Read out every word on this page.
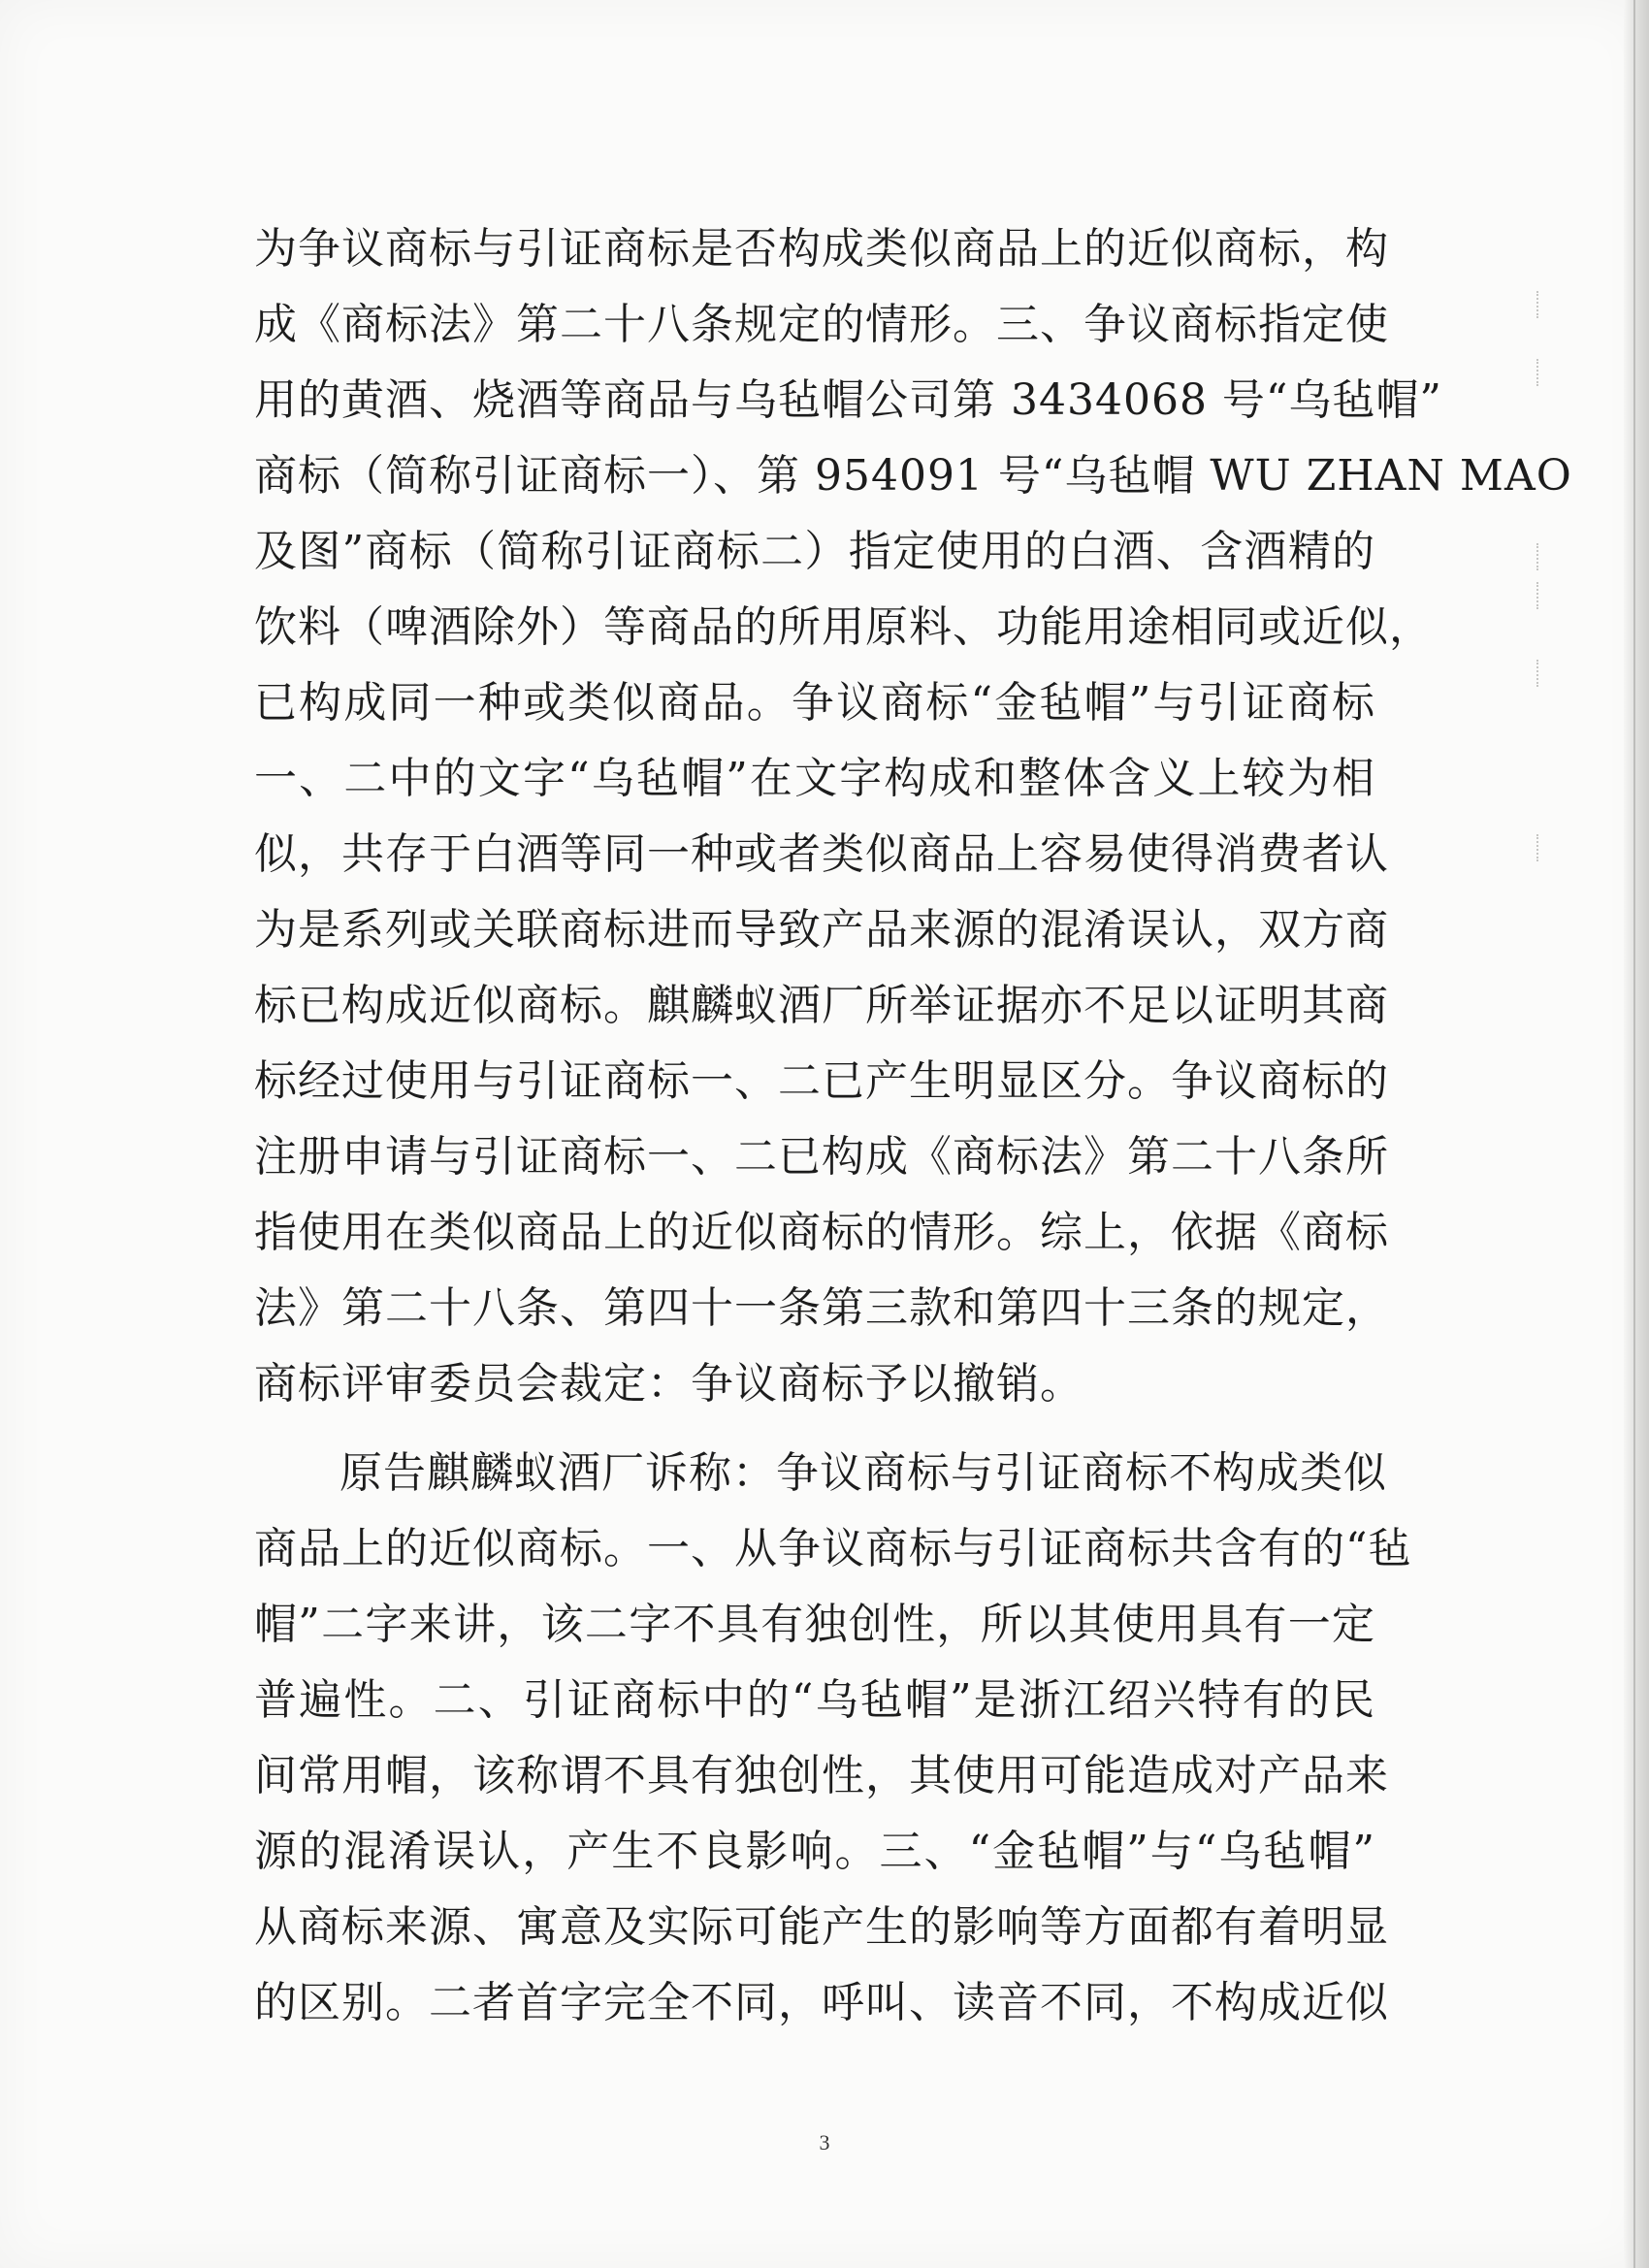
为争议商标与引证商标是否构成类似商品上的近似商标，构
成《商标法》第二十八条规定的情形。三、争议商标指定使
用的黄酒、烧酒等商品与乌毡帽公司第 3434068 号“乌毡帽”
商标（简称引证商标一）、第 954091 号“乌毡帽 WU ZHAN MAO
及图”商标（简称引证商标二）指定使用的白酒、含酒精的
饮料（啤酒除外）等商品的所用原料、功能用途相同或近似，
已构成同一种或类似商品。争议商标“金毡帽”与引证商标
一、二中的文字“乌毡帽”在文字构成和整体含义上较为相
似，共存于白酒等同一种或者类似商品上容易使得消费者认
为是系列或关联商标进而导致产品来源的混淆误认，双方商
标已构成近似商标。麒麟蚁酒厂所举证据亦不足以证明其商
标经过使用与引证商标一、二已产生明显区分。争议商标的
注册申请与引证商标一、二已构成《商标法》第二十八条所
指使用在类似商品上的近似商标的情形。综上，依据《商标
法》第二十八条、第四十一条第三款和第四十三条的规定，
商标评审委员会裁定：争议商标予以撤销。
原告麒麟蚁酒厂诉称：争议商标与引证商标不构成类似
商品上的近似商标。一、从争议商标与引证商标共含有的“毡
帽”二字来讲，该二字不具有独创性，所以其使用具有一定
普遍性。二、引证商标中的“乌毡帽”是浙江绍兴特有的民
间常用帽，该称谓不具有独创性，其使用可能造成对产品来
源的混淆误认，产生不良影响。三、“金毡帽”与“乌毡帽”
从商标来源、寓意及实际可能产生的影响等方面都有着明显
的区别。二者首字完全不同，呼叫、读音不同，不构成近似
3
